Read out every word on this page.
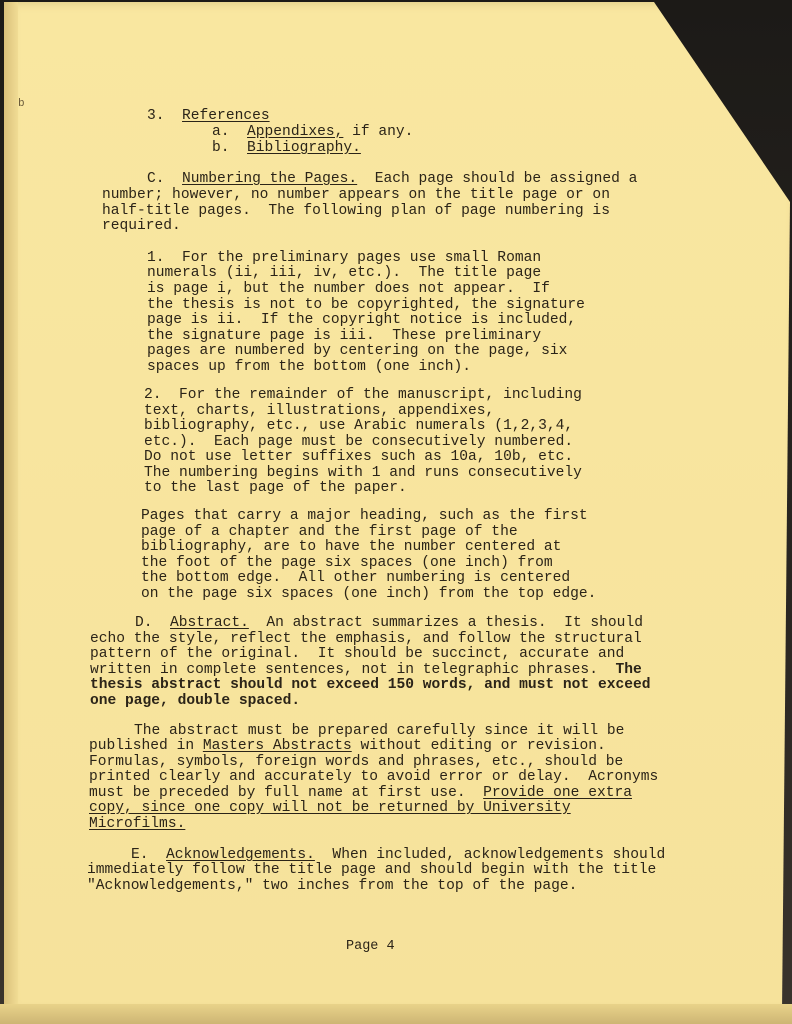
b
3.  References
a.  Appendixes, if any.
b.  Bibliography.
C.  Numbering the Pages.  Each page should be assigned a
number; however, no number appears on the title page or on
half-title pages.  The following plan of page numbering is
required.
1.  For the preliminary pages use small Roman
numerals (ii, iii, iv, etc.).  The title page
is page i, but the number does not appear.  If
the thesis is not to be copyrighted, the signature
page is ii.  If the copyright notice is included,
the signature page is iii.  These preliminary
pages are numbered by centering on the page, six
spaces up from the bottom (one inch).
2.  For the remainder of the manuscript, including
text, charts, illustrations, appendixes,
bibliography, etc., use Arabic numerals (1,2,3,4,
etc.).  Each page must be consecutively numbered.
Do not use letter suffixes such as 10a, 10b, etc.
The numbering begins with 1 and runs consecutively
to the last page of the paper.
Pages that carry a major heading, such as the first
page of a chapter and the first page of the
bibliography, are to have the number centered at
the foot of the page six spaces (one inch) from
the bottom edge.  All other numbering is centered
on the page six spaces (one inch) from the top edge.
D.  Abstract.  An abstract summarizes a thesis.  It should
echo the style, reflect the emphasis, and follow the structural
pattern of the original.  It should be succinct, accurate and
written in complete sentences, not in telegraphic phrases.  The
thesis abstract should not exceed 150 words, and must not exceed
one page, double spaced.
The abstract must be prepared carefully since it will be
published in Masters Abstracts without editing or revision.
Formulas, symbols, foreign words and phrases, etc., should be
printed clearly and accurately to avoid error or delay.  Acronyms
must be preceded by full name at first use.  Provide one extra
copy, since one copy will not be returned by University
Microfilms.
E.  Acknowledgements.  When included, acknowledgements should
immediately follow the title page and should begin with the title
"Acknowledgements," two inches from the top of the page.
Page 4
